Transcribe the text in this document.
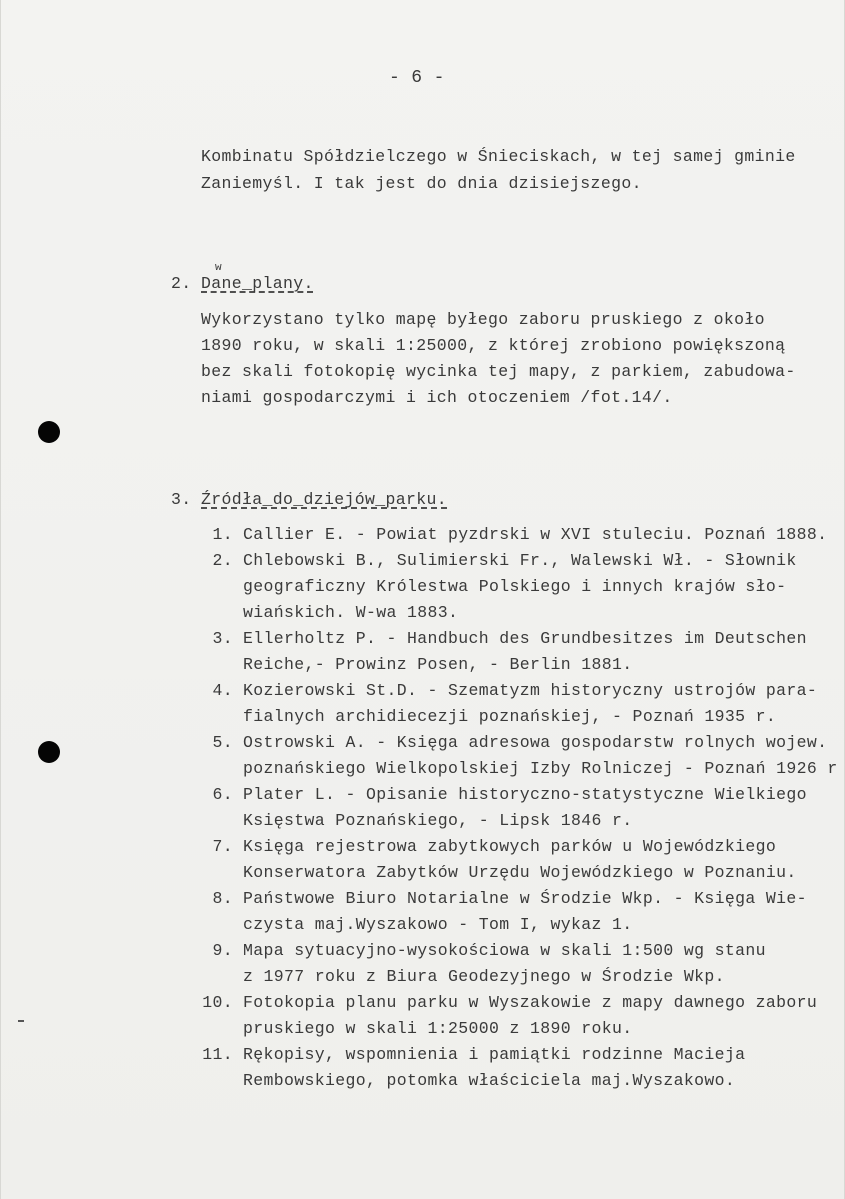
- 6 -
Kombinatu Spółdzielczego w Śnieciskach, w tej samej gminie
Zaniemyśl. I tak jest do dnia dzisiejszego.
2.
w
Dane_plany.
Wykorzystano tylko mapę byłego zaboru pruskiego z około
1890 roku, w skali 1:25000, z której zrobiono powiększoną
bez skali fotokopię wycinka tej mapy, z parkiem, zabudowa-
niami gospodarczymi i ich otoczeniem /fot.14/.
3. Źródła_do_dziejów_parku.
1. Callier E. - Powiat pyzdrski w XVI stuleciu. Poznań 1888.
2. Chlebowski B., Sulimierski Fr., Walewski Wł. - Słownik
geograficzny Królestwa Polskiego i innych krajów sło-
wiańskich. W-wa 1883.
3. Ellerholtz P. - Handbuch des Grundbesitzes im Deutschen
Reiche,- Prowinz Posen, - Berlin 1881.
4. Kozierowski St.D. - Szematyzm historyczny ustrojów para-
fialnych archidiecezji poznańskiej, - Poznań 1935 r.
5. Ostrowski A. - Księga adresowa gospodarstw rolnych wojew.
poznańskiego Wielkopolskiej Izby Rolniczej - Poznań 1926 r
6. Plater L. - Opisanie historyczno-statystyczne Wielkiego
Księstwa Poznańskiego, - Lipsk 1846 r.
7. Księga rejestrowa zabytkowych parków u Wojewódzkiego
Konserwatora Zabytków Urzędu Wojewódzkiego w Poznaniu.
8. Państwowe Biuro Notarialne w Środzie Wkp. - Księga Wie-
czysta maj.Wyszakowo - Tom I, wykaz 1.
9. Mapa sytuacyjno-wysokościowa w skali 1:500 wg stanu
z 1977 roku z Biura Geodezyjnego w Środzie Wkp.
10. Fotokopia planu parku w Wyszakowie z mapy dawnego zaboru
pruskiego w skali 1:25000 z 1890 roku.
11. Rękopisy, wspomnienia i pamiątki rodzinne Macieja
Rembowskiego, potomka właściciela maj.Wyszakowo.
